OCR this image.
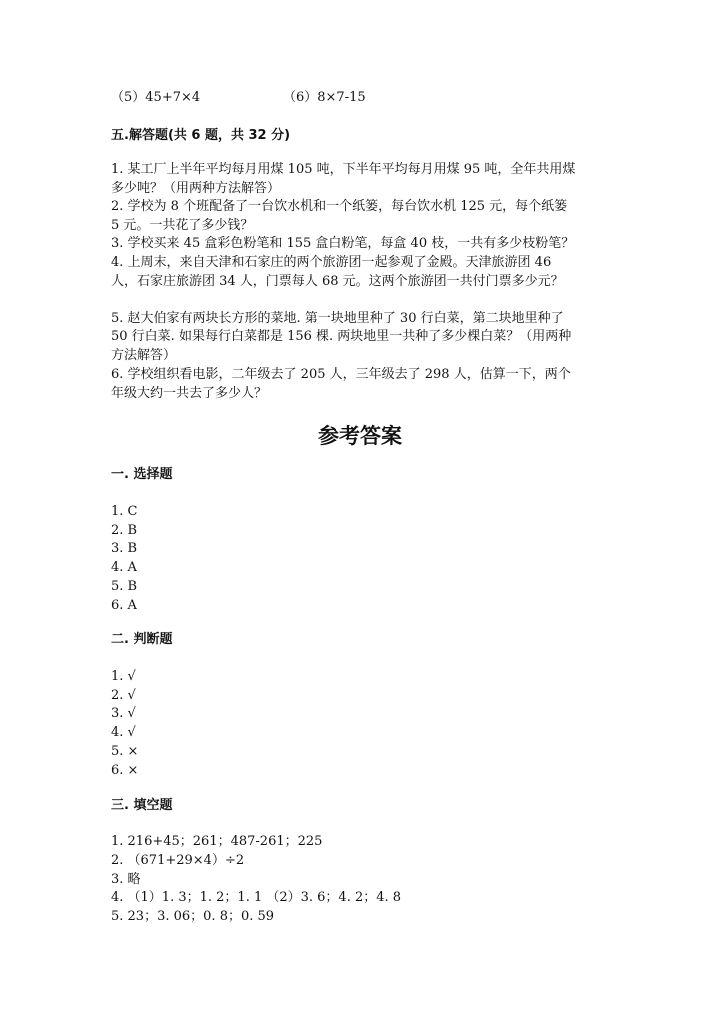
（5）45+7×4	（6）8×7-15
五.解答题(共 6 题，共 32 分)
1. 某工厂上半年平均每月用煤 105 吨，下半年平均每月用煤 95 吨，全年共用煤
多少吨？（用两种方法解答）
2. 学校为 8 个班配备了一台饮水机和一个纸篓，每台饮水机 125 元，每个纸篓
5 元。一共花了多少钱？
3. 学校买来 45 盒彩色粉笔和 155 盒白粉笔，每盒 40 枝，一共有多少枝粉笔？
4. 上周末，来自天津和石家庄的两个旅游团一起参观了金殿。天津旅游团 46
人，石家庄旅游团 34 人，门票每人 68 元。这两个旅游团一共付门票多少元？
5. 赵大伯家有两块长方形的菜地. 第一块地里种了 30 行白菜，第二块地里种了
50 行白菜. 如果每行白菜都是 156 棵. 两块地里一共种了多少棵白菜？（用两种
方法解答）
6. 学校组织看电影，二年级去了 205 人，三年级去了 298 人，估算一下，两个
年级大约一共去了多少人？
参考答案
一. 选择题
1. C
2. B
3. B
4. A
5. B
6. A
二. 判断题
1. √
2. √
3. √
4. √
5. ×
6. ×
三. 填空题
1. 216+45；261；487-261；225
2. （671+29×4）÷2
3. 略
4. （1）1. 3；1. 2；1. 1 （2）3. 6；4. 2；4. 8
5. 23；3. 06；0. 8；0. 59
